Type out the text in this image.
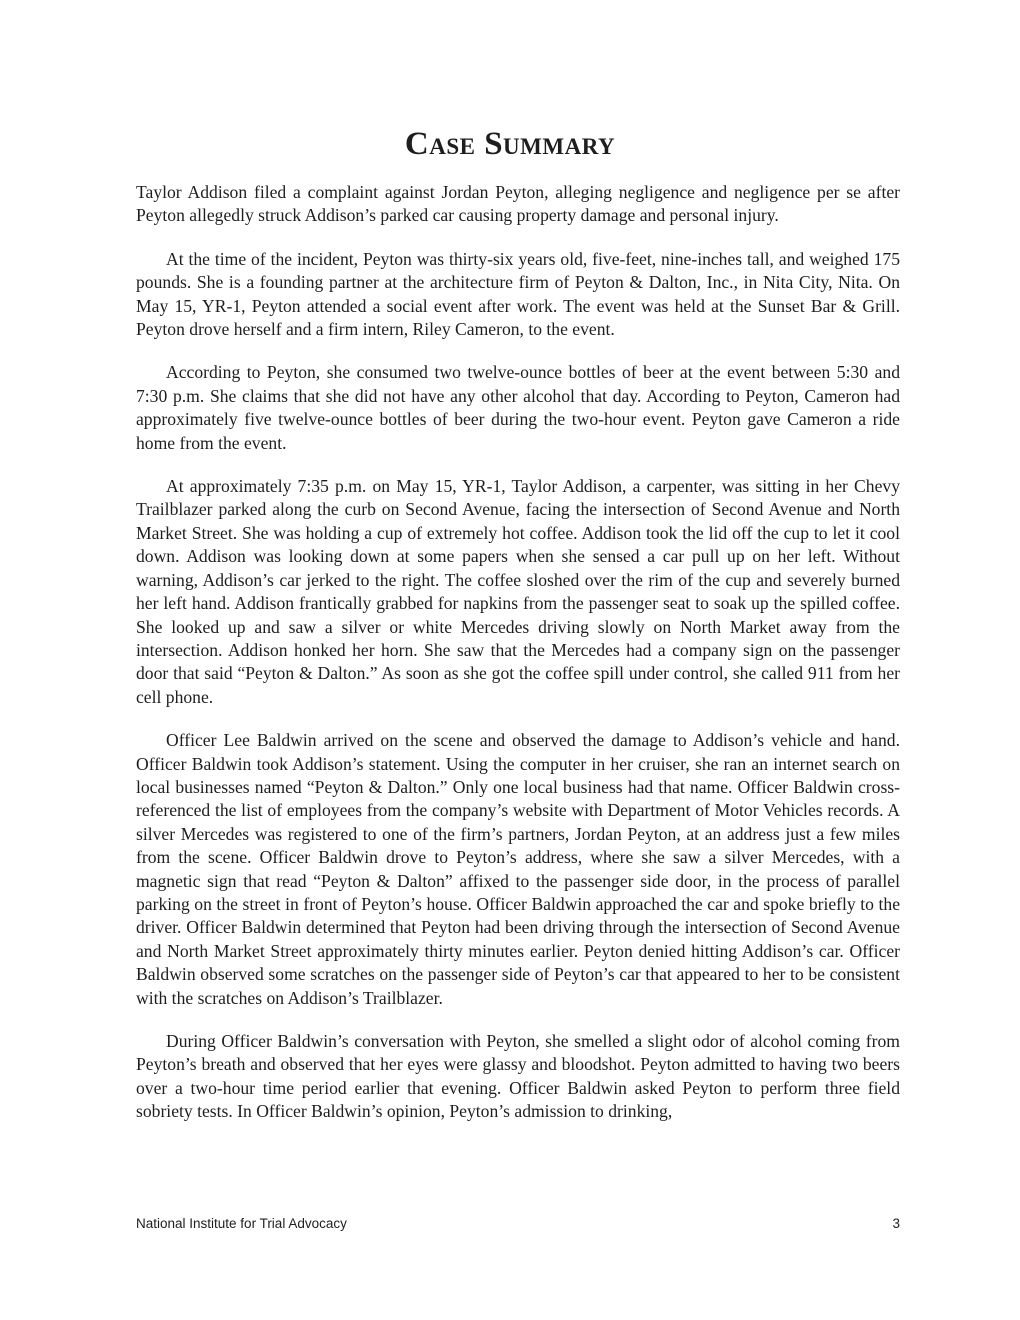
Case Summary

Taylor Addison filed a complaint against Jordan Peyton, alleging negligence and negligence per se after Peyton allegedly struck Addison’s parked car causing property damage and personal injury.

At the time of the incident, Peyton was thirty-six years old, five-feet, nine-inches tall, and weighed 175 pounds. She is a founding partner at the architecture firm of Peyton & Dalton, Inc., in Nita City, Nita. On May 15, YR-1, Peyton attended a social event after work. The event was held at the Sunset Bar & Grill. Peyton drove herself and a firm intern, Riley Cameron, to the event.

According to Peyton, she consumed two twelve-ounce bottles of beer at the event between 5:30 and 7:30 p.m. She claims that she did not have any other alcohol that day. According to Peyton, Cameron had approximately five twelve-ounce bottles of beer during the two-hour event. Peyton gave Cameron a ride home from the event.

At approximately 7:35 p.m. on May 15, YR-1, Taylor Addison, a carpenter, was sitting in her Chevy Trailblazer parked along the curb on Second Avenue, facing the intersection of Second Avenue and North Market Street. She was holding a cup of extremely hot coffee. Addison took the lid off the cup to let it cool down. Addison was looking down at some papers when she sensed a car pull up on her left. Without warning, Addison’s car jerked to the right. The coffee sloshed over the rim of the cup and severely burned her left hand. Addison frantically grabbed for napkins from the passenger seat to soak up the spilled coffee. She looked up and saw a silver or white Mercedes driving slowly on North Market away from the intersection. Addison honked her horn. She saw that the Mercedes had a company sign on the passenger door that said “Peyton & Dalton.” As soon as she got the coffee spill under control, she called 911 from her cell phone.

Officer Lee Baldwin arrived on the scene and observed the damage to Addison’s vehicle and hand. Officer Baldwin took Addison’s statement. Using the computer in her cruiser, she ran an internet search on local businesses named “Peyton & Dalton.” Only one local business had that name. Officer Baldwin cross-referenced the list of employees from the company’s website with Department of Motor Vehicles records. A silver Mercedes was registered to one of the firm’s partners, Jordan Peyton, at an address just a few miles from the scene. Officer Baldwin drove to Peyton’s address, where she saw a silver Mercedes, with a magnetic sign that read “Peyton & Dalton” affixed to the passenger side door, in the process of parallel parking on the street in front of Peyton’s house. Officer Baldwin approached the car and spoke briefly to the driver. Officer Baldwin determined that Peyton had been driving through the intersection of Second Avenue and North Market Street approximately thirty minutes earlier. Peyton denied hitting Addison’s car. Officer Baldwin observed some scratches on the passenger side of Peyton’s car that appeared to her to be consistent with the scratches on Addison’s Trailblazer.

During Officer Baldwin’s conversation with Peyton, she smelled a slight odor of alcohol coming from Peyton’s breath and observed that her eyes were glassy and bloodshot. Peyton admitted to having two beers over a two-hour time period earlier that evening. Officer Baldwin asked Peyton to perform three field sobriety tests. In Officer Baldwin’s opinion, Peyton’s admission to drinking,

National Institute for Trial Advocacy	3
